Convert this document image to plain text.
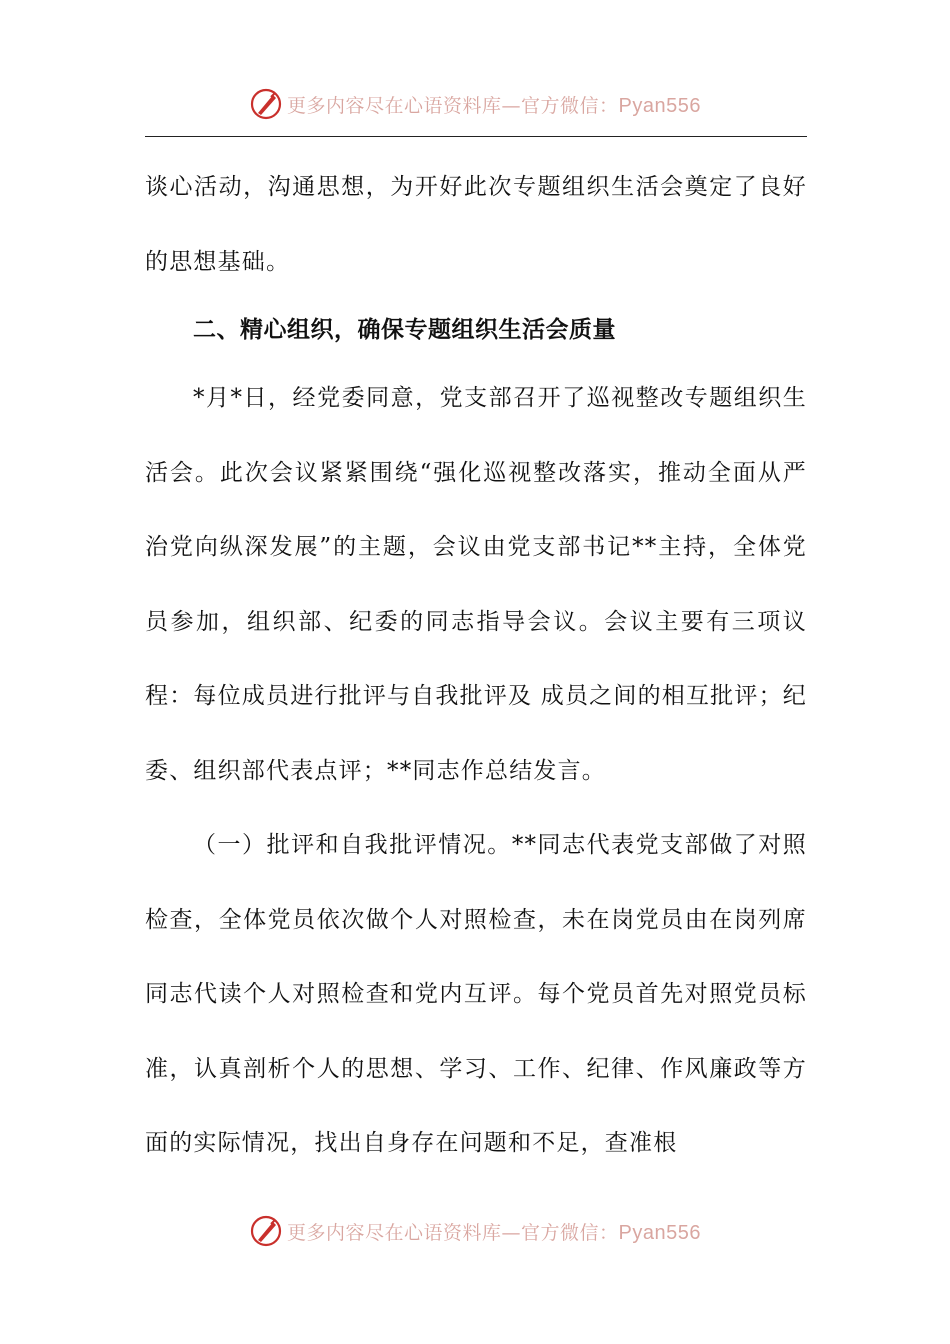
更多内容尽在心语资料库—官方微信：Pyan556

谈心活动，沟通思想，为开好此次专题组织生活会奠定了良好的思想基础。

二、精心组织，确保专题组织生活会质量

*月*日，经党委同意，党支部召开了巡视整改专题组织生活会。此次会议紧紧围绕“强化巡视整改落实，推动全面从严治党向纵深发展”的主题，会议由党支部书记**主持，全体党员参加，组织部、纪委的同志指导会议。会议主要有三项议程：每位成员进行批评与自我批评及 成员之间的相互批评；纪委、组织部代表点评；**同志作总结发言。

（一）批评和自我批评情况。**同志代表党支部做了对照检查，全体党员依次做个人对照检查，未在岗党员由在岗列席同志代读个人对照检查和党内互评。每个党员首先对照党员标准，认真剖析个人的思想、学习、工作、纪律、作风廉政等方面的实际情况，找出自身存在问题和不足，查准根

更多内容尽在心语资料库—官方微信：Pyan556
